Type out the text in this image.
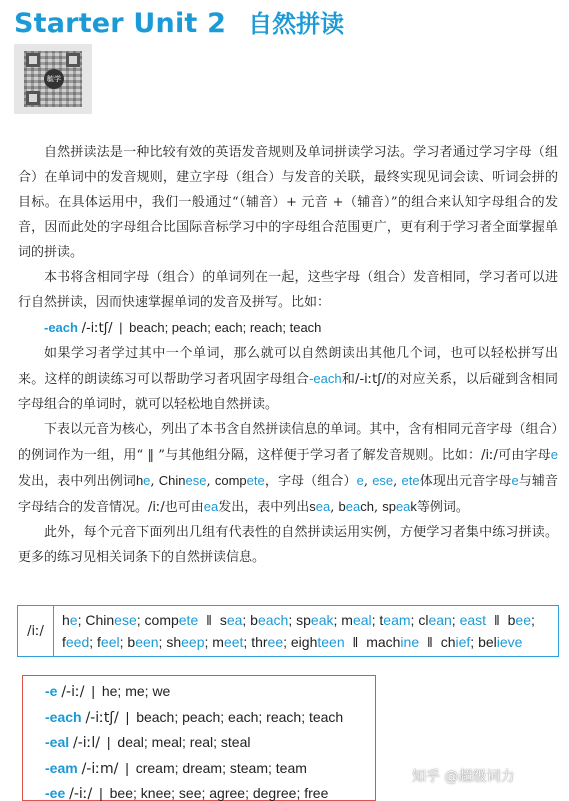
Starter Unit 2 自然拼读
毓学

自然拼读法是一种比较有效的英语发音规则及单词拼读学习法。学习者通过学习字母（组合）在单词中的发音规则，建立字母（组合）与发音的关联，最终实现见词会读、听词会拼的目标。在具体运用中，我们一般通过“（辅音）+ 元音 +（辅音）”的组合来认知字母组合的发音，因而此处的字母组合比国际音标学习中的字母组合范围更广，更有利于学习者全面掌握单词的拼读。

本书将含相同字母（组合）的单词列在一起，这些字母（组合）发音相同，学习者可以进行自然拼读，因而快速掌握单词的发音及拼写。比如：

-each /-iːtʃ/ | beach; peach; each; reach; teach

如果学习者学过其中一个单词，那么就可以自然朗读出其他几个词，也可以轻松拼写出来。这样的朗读练习可以帮助学习者巩固字母组合-each和/-iːtʃ/的对应关系，以后碰到含相同字母组合的单词时，就可以轻松地自然拼读。

下表以元音为核心，列出了本书含自然拼读信息的单词。其中，含有相同元音字母（组合）的例词作为一组，用“ ‖ ”与其他组分隔，这样便于学习者了解发音规则。比如：/iː/可由字母e发出，表中列出例词he, Chinese, compete，字母（组合）e, ese, ete体现出元音字母e与辅音字母结合的发音情况。/iː/也可由ea发出，表中列出sea, beach, speak等例词。

此外，每个元音下面列出几组有代表性的自然拼读运用实例，方便学习者集中练习拼读。更多的练习见相关词条下的自然拼读信息。

/iː/
he; Chinese; compete ‖ sea; beach; speak; meal; team; clean; east ‖ bee; feed; feel; been; sheep; meet; three; eighteen ‖ machine ‖ chief; believe
-e /-iː/ | he; me; we
-each /-iːtʃ/ | beach; peach; each; reach; teach
-eal /-iːl/ | deal; meal; real; steal
-eam /-iːm/ | cream; dream; steam; team
-ee /-iː/ | bee; knee; see; agree; degree; free
知乎 @超级词力
